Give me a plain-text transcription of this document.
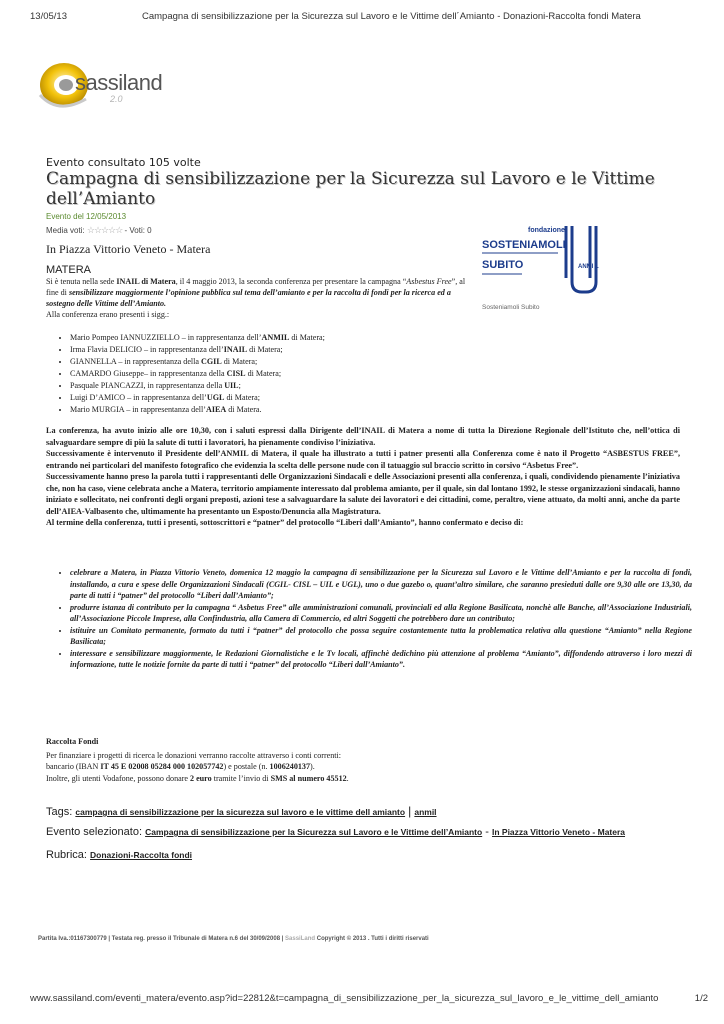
13/05/13	Campagna di sensibilizzazione per la Sicurezza sul Lavoro e le Vittime dell´Amianto - Donazioni-Raccolta fondi Matera
sassiland
2.0
Evento consultato 105 volte
Campagna di sensibilizzazione per la Sicurezza sul Lavoro e le Vittime dell’Amianto
Evento del 12/05/2013
Media voti: ☆☆☆☆☆ - Voti: 0
In Piazza Vittorio Veneto - Matera
MATERA

Si è tenuta nella sede INAIL di Matera, il 4 maggio 2013, la seconda conferenza per presentare la campagna “Asbestus Free”, al fine di sensibilizzare maggiormente l’opinione pubblica sul tema dell’amianto e per la raccolta di fondi per la ricerca ed a sostegno delle Vittime dell’Amianto.

Alla conferenza erano presenti i sigg.:

fondazione
SOSTENIAMOLI
SUBITO	ANMI L
Sosteniamoli Subito
• Mario Pompeo IANNUZZIELLO – in rappresentanza dell’ANMIL di Matera;
• Irma Flavia DELICIO – in rappresentanza dell’INAIL di Matera;
• GIANNELLA – in rappresentanza della CGIL di Matera;
• CAMARDO Giuseppe– in rappresentanza della CISL di Matera;
• Pasquale PIANCAZZI, in rappresentanza della UIL;
• Luigi D’AMICO – in rappresentanza dell’UGL di Matera;
• Mario MURGIA – in rappresentanza dell’AIEA di Matera.
La conferenza, ha avuto inizio alle ore 10,30, con i saluti espressi dalla Dirigente dell’INAIL di Matera a nome di tutta la Direzione Regionale dell’Istituto che, nell’ottica di salvaguardare sempre di più la salute di tutti i lavoratori, ha pienamente condiviso l’iniziativa.
Successivamente è intervenuto il Presidente dell’ANMIL di Matera, il quale ha illustrato a tutti i patner presenti alla Conferenza come è nato il Progetto “ASBESTUS FREE”, entrando nei particolari del manifesto fotografico che evidenzia la scelta delle persone nude con il tatuaggio sul braccio scritto in corsivo “Asbetus Free”.
Successivamente hanno preso la parola tutti i rappresentanti delle Organizzazioni Sindacali e delle Associazioni presenti alla conferenza, i quali, condividendo pienamente l’iniziativa che, non ha caso, viene celebrata anche a Matera, territorio ampiamente interessato dal problema amianto, per il quale, sin dal lontano 1992, le stesse organizzazioni sindacali, hanno iniziato e sollecitato, nei confronti degli organi preposti, azioni tese a salvaguardare la salute dei lavoratori e dei cittadini, come, peraltro, viene attuato, da molti anni, anche da parte dell’AIEA-Valbasento che, ultimamente ha presentanto un Esposto/Denuncia alla Magistratura.
Al termine della conferenza, tutti i presenti, sottoscrittori e “patner” del protocollo “Liberi dall’Amianto”, hanno confermato e deciso di:
• celebrare a Matera, in Piazza Vittorio Veneto, domenica 12 maggio la campagna di sensibilizzazione per la Sicurezza sul Lavoro e le Vittime dell’Amianto e per la raccolta di fondi, installando, a cura e spese delle Organizzazioni Sindacali (CGIL- CISL – UIL e UGL), uno o due gazebo o, quant’altro similare, che saranno presieduti dalle ore 9,30 alle ore 13,30, da parte di tutti i “patner” del protocollo “Liberi dall’Amianto”;
• produrre istanza di contributo per la campagna “ Asbetus Free” alle amministrazioni comunali, provinciali ed alla Regione Basilicata, nonchè alle Banche, all’Associazione Industriali, all’Associazione Piccole Imprese, alla Confindustria, alla Camera di Commercio, ed altri Soggetti che potrebbero dare un contributo;
• istituire un Comitato permanente, formato da tutti i “patner” del protocollo che possa seguire costantemente tutta la problematica relativa alla questione “Amianto” nella Regione Basilicata;
• interessare e sensibilizzare maggiormente, le Redazioni Giornalistiche e le Tv locali, affinchè dedichino più attenzione al problema “Amianto”, diffondendo attraverso i loro mezzi di informazione, tutte le notizie fornite da parte di tutti i “patner” del protocollo “Liberi dall’Amianto”.
Raccolta Fondi
Per finanziare i progetti di ricerca le donazioni verranno raccolte attraverso i conti correnti:
bancario (IBAN IT 45 E 02008 05284 000 102057742) e postale (n. 1006240137).
Inoltre, gli utenti Vodafone, possono donare 2 euro tramite l’invio di SMS al numero 45512.
Tags: campagna di sensibilizzazione per la sicurezza sul lavoro e le vittime dell amianto | anmil
Evento selezionato: Campagna di sensibilizzazione per la Sicurezza sul Lavoro e le Vittime dell’Amianto - In Piazza Vittorio Veneto - Matera
Rubrica: Donazioni-Raccolta fondi
Partita Iva.:01167300779 | Testata reg. presso il Tribunale di Matera n.6 del 30/09/2008 | SassiLand Copyright © 2013 . Tutti i diritti riservati
www.sassiland.com/eventi_matera/evento.asp?id=22812&t=campagna_di_sensibilizzazione_per_la_sicurezza_sul_lavoro_e_le_vittime_dell_amianto	1/2
